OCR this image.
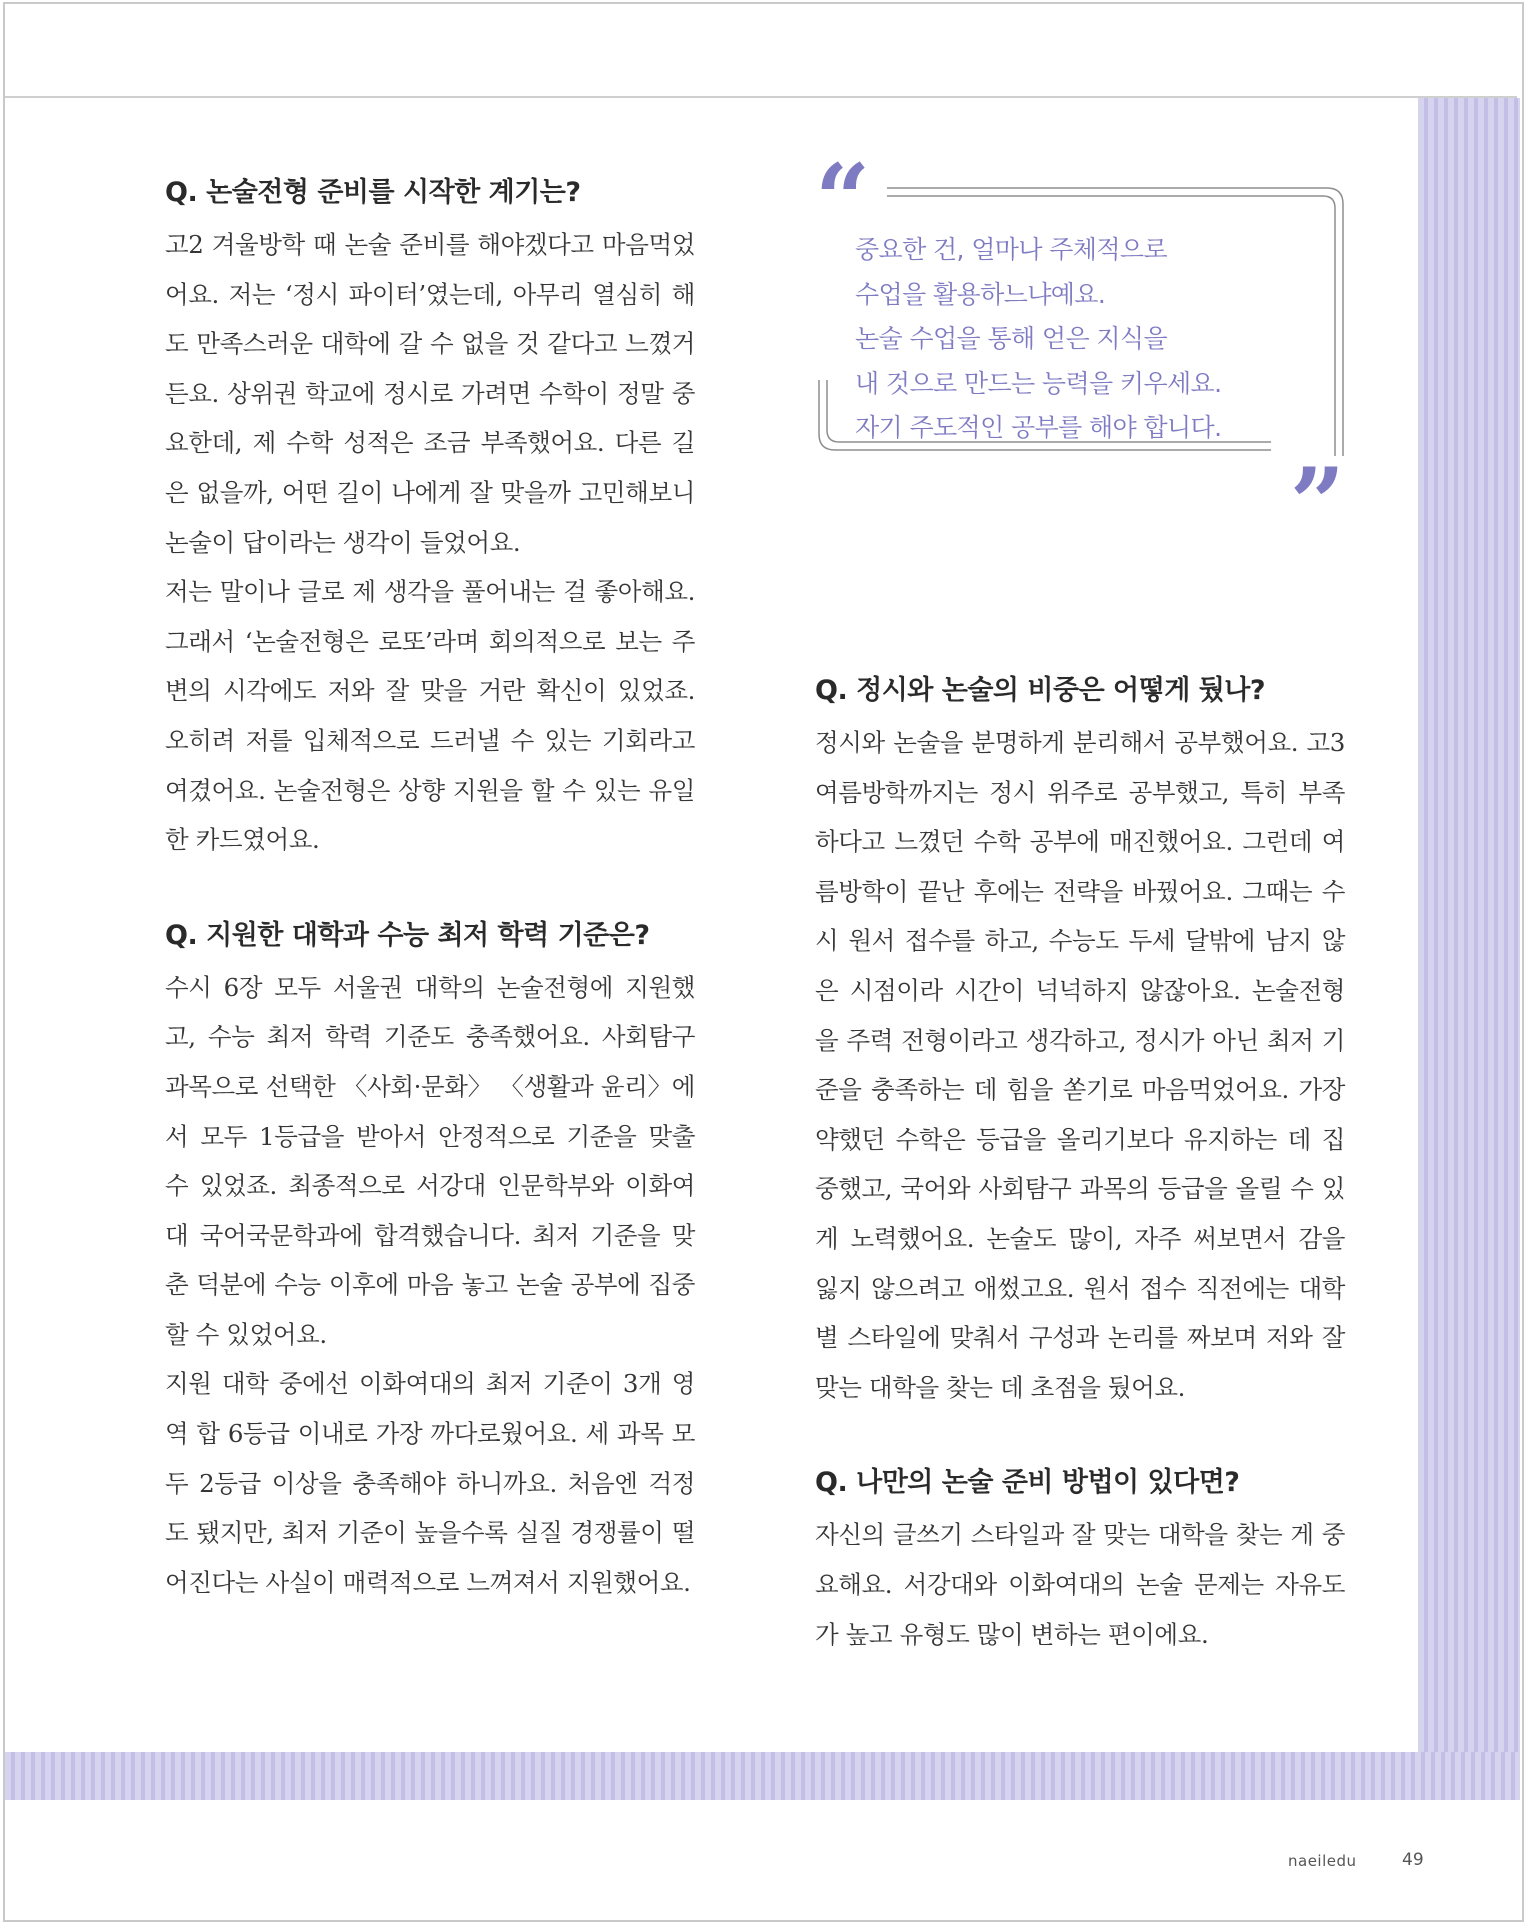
Q. 논술전형 준비를 시작한 계기는?

고2 겨울방학 때 논술 준비를 해야겠다고 마음먹었어요. 저는 ‘정시 파이터’였는데, 아무리 열심히 해도 만족스러운 대학에 갈 수 없을 것 같다고 느꼈거든요. 상위권 학교에 정시로 가려면 수학이 정말 중요한데, 제 수학 성적은 조금 부족했어요. 다른 길은 없을까, 어떤 길이 나에게 잘 맞을까 고민해보니 논술이 답이라는 생각이 들었어요.

저는 말이나 글로 제 생각을 풀어내는 걸 좋아해요. 그래서 ‘논술전형은 로또’라며 회의적으로 보는 주변의 시각에도 저와 잘 맞을 거란 확신이 있었죠. 오히려 저를 입체적으로 드러낼 수 있는 기회라고 여겼어요. 논술전형은 상향 지원을 할 수 있는 유일한 카드였어요.

Q. 지원한 대학과 수능 최저 학력 기준은?

수시 6장 모두 서울권 대학의 논술전형에 지원했고, 수능 최저 학력 기준도 충족했어요. 사회탐구 과목으로 선택한 〈사회·문화〉 〈생활과 윤리〉에서 모두 1등급을 받아서 안정적으로 기준을 맞출 수 있었죠. 최종적으로 서강대 인문학부와 이화여대 국어국문학과에 합격했습니다. 최저 기준을 맞춘 덕분에 수능 이후에 마음 놓고 논술 공부에 집중할 수 있었어요.

지원 대학 중에선 이화여대의 최저 기준이 3개 영역 합 6등급 이내로 가장 까다로웠어요. 세 과목 모두 2등급 이상을 충족해야 하니까요. 처음엔 걱정도 됐지만, 최저 기준이 높을수록 실질 경쟁률이 떨어진다는 사실이 매력적으로 느껴져서 지원했어요.

“
중요한 건, 얼마나 주체적으로
수업을 활용하느냐예요.
논술 수업을 통해 얻은 지식을
내 것으로 만드는 능력을 키우세요.
자기 주도적인 공부를 해야 합니다.
”
Q. 정시와 논술의 비중은 어떻게 뒀나?

정시와 논술을 분명하게 분리해서 공부했어요. 고3 여름방학까지는 정시 위주로 공부했고, 특히 부족하다고 느꼈던 수학 공부에 매진했어요. 그런데 여름방학이 끝난 후에는 전략을 바꿨어요. 그때는 수시 원서 접수를 하고, 수능도 두세 달밖에 남지 않은 시점이라 시간이 넉넉하지 않잖아요. 논술전형을 주력 전형이라고 생각하고, 정시가 아닌 최저 기준을 충족하는 데 힘을 쏟기로 마음먹었어요. 가장 약했던 수학은 등급을 올리기보다 유지하는 데 집중했고, 국어와 사회탐구 과목의 등급을 올릴 수 있게 노력했어요. 논술도 많이, 자주 써보면서 감을 잃지 않으려고 애썼고요. 원서 접수 직전에는 대학별 스타일에 맞춰서 구성과 논리를 짜보며 저와 잘 맞는 대학을 찾는 데 초점을 뒀어요.

Q. 나만의 논술 준비 방법이 있다면?

자신의 글쓰기 스타일과 잘 맞는 대학을 찾는 게 중요해요. 서강대와 이화여대의 논술 문제는 자유도가 높고 유형도 많이 변하는 편이에요.

naeiledu	49
